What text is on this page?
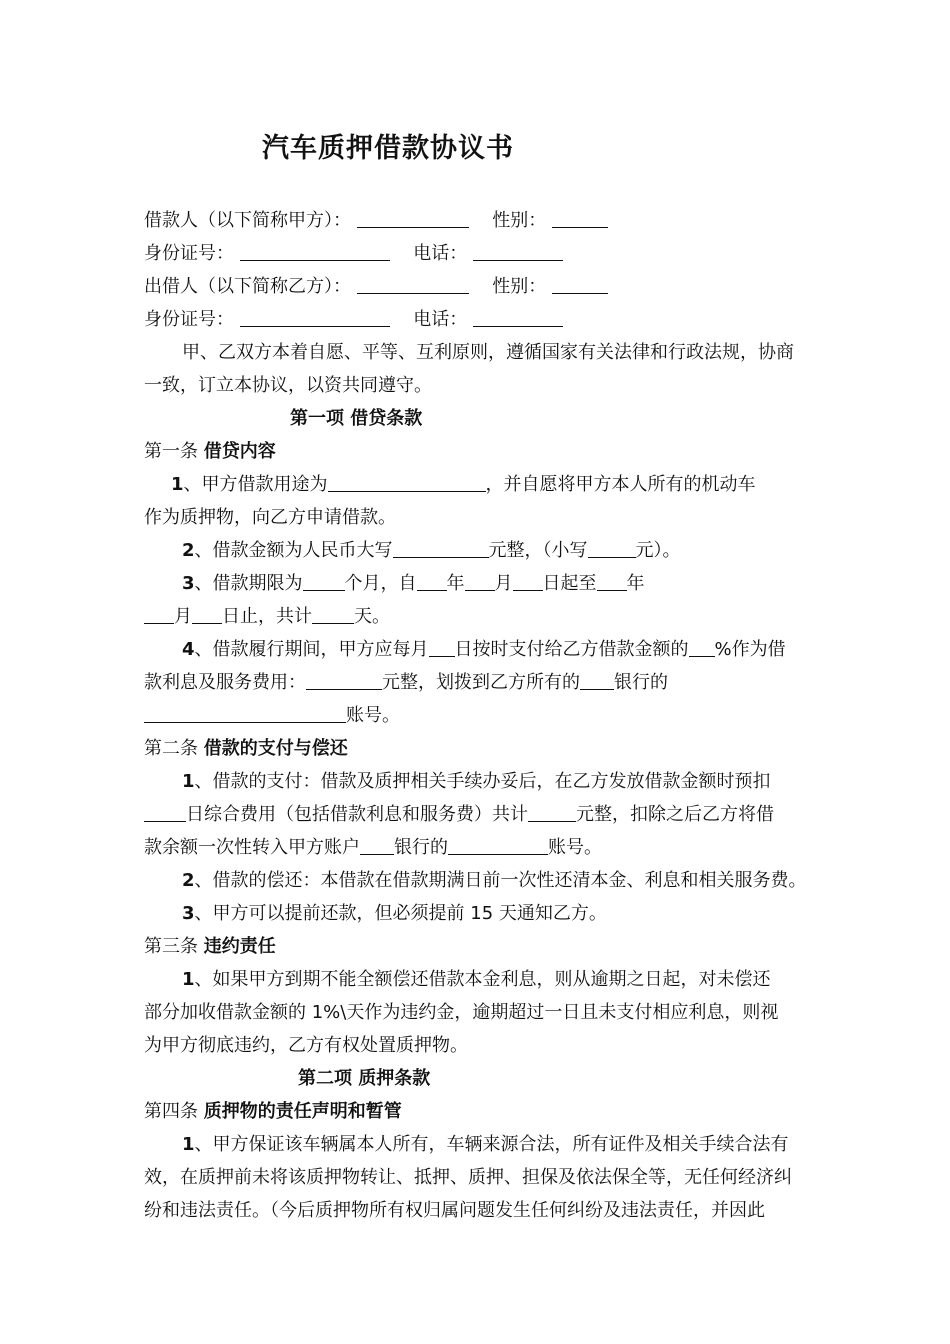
汽车质押借款协议书
借款人（以下简称甲方）：	性别：
身份证号：	电话：
出借人（以下简称乙方）：	性别：
身份证号：	电话：
甲、乙双方本着自愿、平等、互利原则，遵循国家有关法律和行政法规，协商
一致，订立本协议，以资共同遵守。
第一项 借贷条款
第一条 借贷内容
1、甲方借款用途为	，并自愿将甲方本人所有的机动车
作为质押物，向乙方申请借款。
2、借款金额为人民币大写	元整，（小写	元）。
3、借款期限为 个月，自 年 月 日起至 年
月 日止，共计 天。
4、借款履行期间，甲方应每月 日按时支付给乙方借款金额的 %作为借
款利息及服务费用：	元整，划拨到乙方所有的 银行的
账号。
第二条 借款的支付与偿还
1、借款的支付：借款及质押相关手续办妥后，在乙方发放借款金额时预扣
日综合费用（包括借款利息和服务费）共计	元整，扣除之后乙方将借
款余额一次性转入甲方账户 银行的	账号。
2、借款的偿还：本借款在借款期满日前一次性还清本金、利息和相关服务费。
3、甲方可以提前还款，但必须提前 15 天通知乙方。
第三条 违约责任
1、如果甲方到期不能全额偿还借款本金利息，则从逾期之日起，对未偿还
部分加收借款金额的 1%\天作为违约金，逾期超过一日且未支付相应利息，则视
为甲方彻底违约，乙方有权处置质押物。
第二项 质押条款
第四条 质押物的责任声明和暂管
1、甲方保证该车辆属本人所有，车辆来源合法，所有证件及相关手续合法有
效，在质押前未将该质押物转让、抵押、质押、担保及依法保全等，无任何经济纠
纷和违法责任。（今后质押物所有权归属问题发生任何纠纷及违法责任，并因此
